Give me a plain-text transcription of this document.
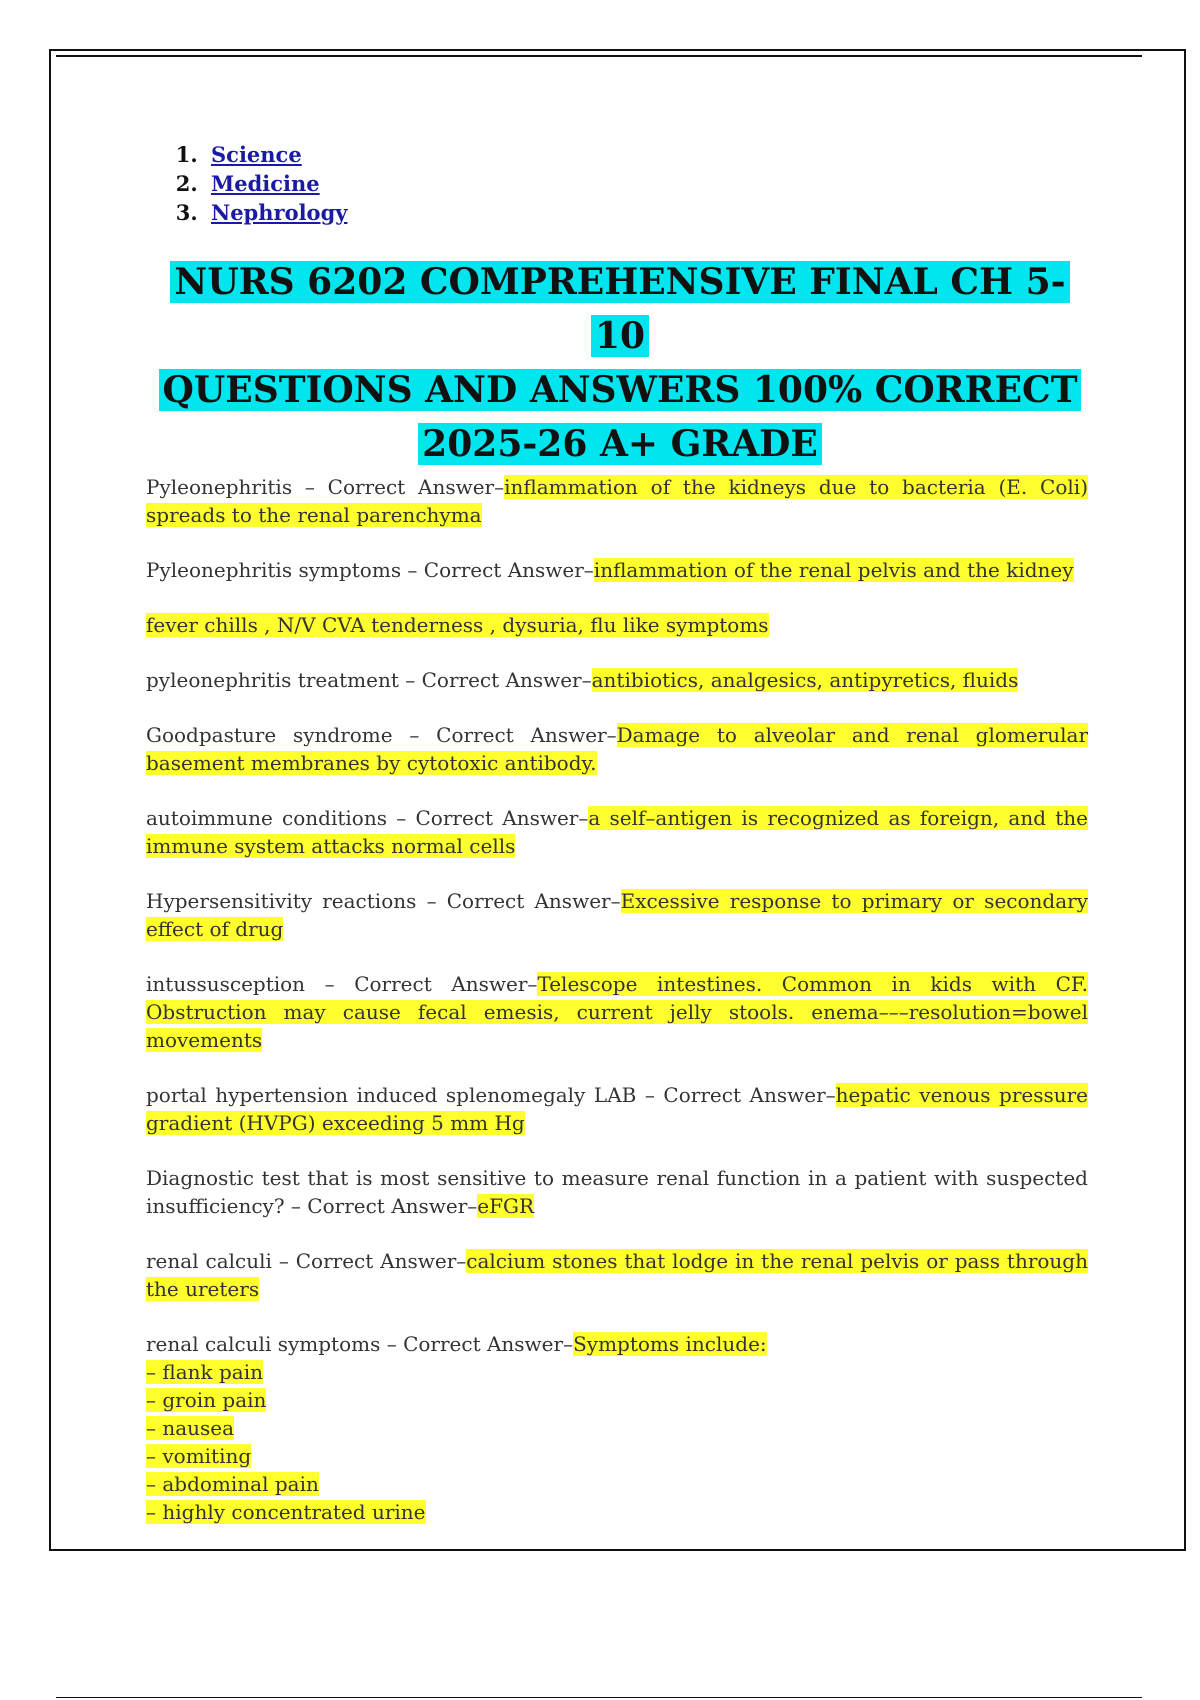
1. Science
2. Medicine
3. Nephrology
NURS 6202 COMPREHENSIVE FINAL CH 5-10
QUESTIONS AND ANSWERS 100% CORRECT
2025-26 A+ GRADE

Pyleonephritis – Correct Answer–inflammation of the kidneys due to bacteria (E. Coli) spreads to the renal parenchyma

Pyleonephritis symptoms – Correct Answer–inflammation of the renal pelvis and the kidney

fever chills , N/V CVA tenderness , dysuria, flu like symptoms

pyleonephritis treatment – Correct Answer–antibiotics, analgesics, antipyretics, fluids

Goodpasture syndrome – Correct Answer–Damage to alveolar and renal glomerular basement membranes by cytotoxic antibody.

autoimmune conditions – Correct Answer–a self–antigen is recognized as foreign, and the immune system attacks normal cells

Hypersensitivity reactions – Correct Answer–Excessive response to primary or secondary effect of drug

intussusception – Correct Answer–Telescope intestines. Common in kids with CF. Obstruction may cause fecal emesis, current jelly stools. enema–––resolution=bowel movements

portal hypertension induced splenomegaly LAB – Correct Answer–hepatic venous pressure gradient (HVPG) exceeding 5 mm Hg

Diagnostic test that is most sensitive to measure renal function in a patient with suspected insufficiency? – Correct Answer–eFGR

renal calculi – Correct Answer–calcium stones that lodge in the renal pelvis or pass through the ureters

renal calculi symptoms – Correct Answer–Symptoms include:
– flank pain
– groin pain
– nausea
– vomiting
– abdominal pain
– highly concentrated urine
